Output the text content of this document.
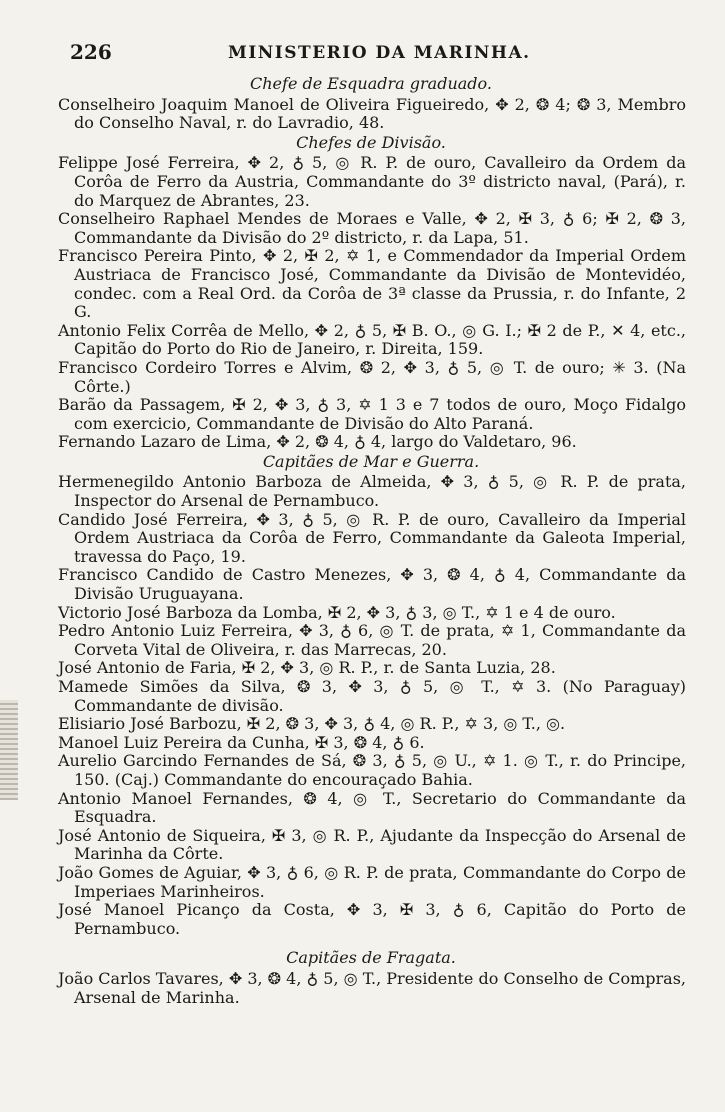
226	MINISTERIO DA MARINHA.
Chefe de Esquadra graduado.

Conselheiro Joaquim Manoel de Oliveira Figueiredo, ✥ 2, ❂ 4; ❂ 3, Membro do Conselho Naval, r. do Lavradio, 48.

Chefes de Divisão.

Felippe José Ferreira, ✥ 2, ♁ 5, ◎ R. P. de ouro, Cavalleiro da Ordem da Corôa de Ferro da Austria, Commandante do 3º districto naval, (Pará), r. do Marquez de Abrantes, 23.

Conselheiro Raphael Mendes de Moraes e Valle, ✥ 2, ✠ 3, ♁ 6; ✠ 2, ❂ 3, Commandante da Divisão do 2º districto, r. da Lapa, 51.

Francisco Pereira Pinto, ✥ 2, ✠ 2, ✡ 1, e Commendador da Imperial Ordem Austriaca de Francisco José, Commandante da Divisão de Montevidéo, condec. com a Real Ord. da Corôa de 3ª classe da Prussia, r. do Infante, 2 G.

Antonio Felix Corrêa de Mello, ✥ 2, ♁ 5, ✠ B. O., ◎ G. I.; ✠ 2 de P., ✕ 4, etc., Capitão do Porto do Rio de Janeiro, r. Direita, 159.

Francisco Cordeiro Torres e Alvim, ❂ 2, ✥ 3, ♁ 5, ◎ T. de ouro; ✳ 3. (Na Côrte.)

Barão da Passagem, ✠ 2, ✥ 3, ♁ 3, ✡ 1 3 e 7 todos de ouro, Moço Fidalgo com exercicio, Commandante de Divisão do Alto Paraná.

Fernando Lazaro de Lima, ✥ 2, ❂ 4, ♁ 4, largo do Valdetaro, 96.

Capitães de Mar e Guerra.

Hermenegildo Antonio Barboza de Almeida, ✥ 3, ♁ 5, ◎ R. P. de prata, Inspector do Arsenal de Pernambuco.

Candido José Ferreira, ✥ 3, ♁ 5, ◎ R. P. de ouro, Cavalleiro da Imperial Ordem Austriaca da Corôa de Ferro, Commandante da Galeota Imperial, travessa do Paço, 19.

Francisco Candido de Castro Menezes, ✥ 3, ❂ 4, ♁ 4, Commandante da Divisão Uruguayana.

Victorio José Barboza da Lomba, ✠ 2, ✥ 3, ♁ 3, ◎ T., ✡ 1 e 4 de ouro.

Pedro Antonio Luiz Ferreira, ✥ 3, ♁ 6, ◎ T. de prata, ✡ 1, Commandante da Corveta Vital de Oliveira, r. das Marrecas, 20.

José Antonio de Faria, ✠ 2, ✥ 3, ◎ R. P., r. de Santa Luzia, 28.

Mamede Simões da Silva, ❂ 3, ✥ 3, ♁ 5, ◎ T., ✡ 3. (No Paraguay) Commandante de divisão.

Elisiario José Barbozu, ✠ 2, ❂ 3, ✥ 3, ♁ 4, ◎ R. P., ✡ 3, ◎ T., ◎.

Manoel Luiz Pereira da Cunha, ✠ 3, ❂ 4, ♁ 6.

Aurelio Garcindo Fernandes de Sá, ❂ 3, ♁ 5, ◎ U., ✡ 1. ◎ T., r. do Principe, 150. (Caj.) Commandante do encouraçado Bahia.

Antonio Manoel Fernandes, ❂ 4, ◎ T., Secretario do Commandante da Esquadra.

José Antonio de Siqueira, ✠ 3, ◎ R. P., Ajudante da Inspecção do Arsenal de Marinha da Côrte.

João Gomes de Aguiar, ✥ 3, ♁ 6, ◎ R. P. de prata, Commandante do Corpo de Imperiaes Marinheiros.

José Manoel Picanço da Costa, ✥ 3, ✠ 3, ♁ 6, Capitão do Porto de Pernambuco.

Capitães de Fragata.

João Carlos Tavares, ✥ 3, ❂ 4, ♁ 5, ◎ T., Presidente do Conselho de Compras, Arsenal de Marinha.
